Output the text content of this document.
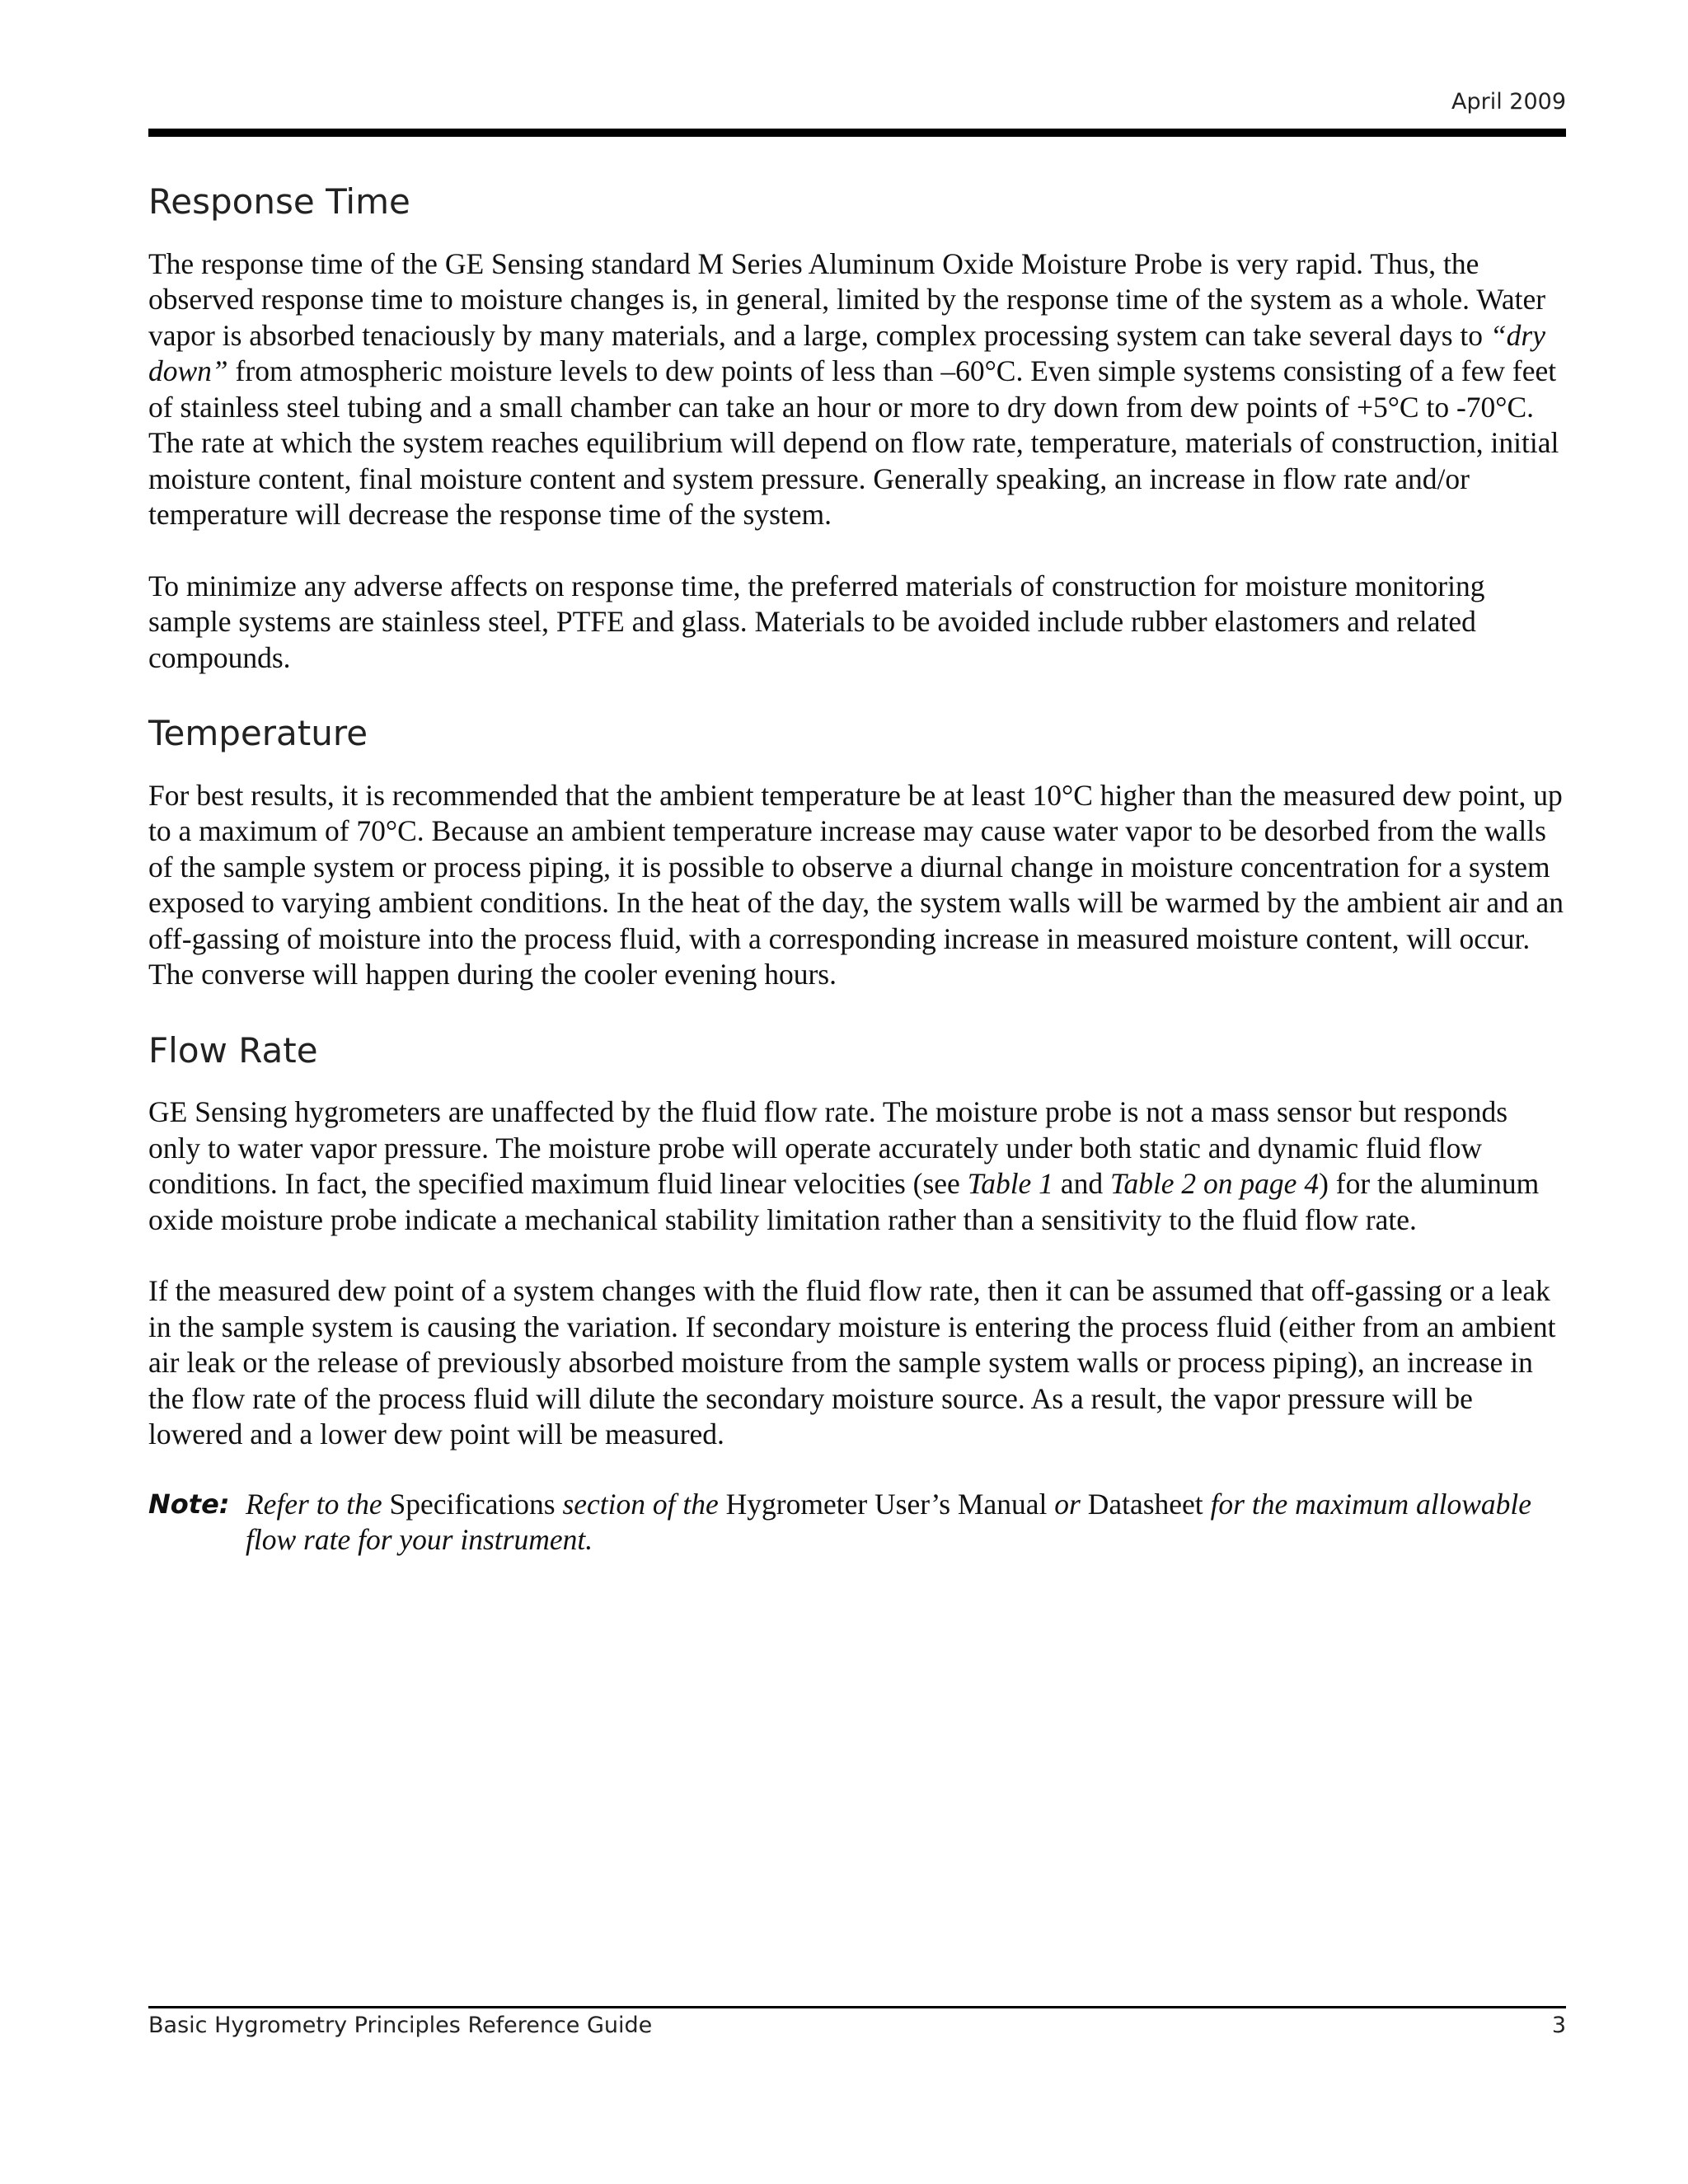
April 2009
Response Time

The response time of the GE Sensing standard M Series Aluminum Oxide Moisture Probe is very rapid. Thus, the observed response time to moisture changes is, in general, limited by the response time of the system as a whole. Water vapor is absorbed tenaciously by many materials, and a large, complex processing system can take several days to “dry down” from atmospheric moisture levels to dew points of less than –60°C. Even simple systems consisting of a few feet of stainless steel tubing and a small chamber can take an hour or more to dry down from dew points of +5°C to -70°C. The rate at which the system reaches equilibrium will depend on flow rate, temperature, materials of construction, initial moisture content, final moisture content and system pressure. Generally speaking, an increase in flow rate and/or temperature will decrease the response time of the system.

To minimize any adverse affects on response time, the preferred materials of construction for moisture monitoring sample systems are stainless steel, PTFE and glass. Materials to be avoided include rubber elastomers and related compounds.

Temperature

For best results, it is recommended that the ambient temperature be at least 10°C higher than the measured dew point, up to a maximum of 70°C. Because an ambient temperature increase may cause water vapor to be desorbed from the walls of the sample system or process piping, it is possible to observe a diurnal change in moisture concentration for a system exposed to varying ambient conditions. In the heat of the day, the system walls will be warmed by the ambient air and an off-gassing of moisture into the process fluid, with a corresponding increase in measured moisture content, will occur. The converse will happen during the cooler evening hours.

Flow Rate

GE Sensing hygrometers are unaffected by the fluid flow rate. The moisture probe is not a mass sensor but responds only to water vapor pressure. The moisture probe will operate accurately under both static and dynamic fluid flow conditions. In fact, the specified maximum fluid linear velocities (see Table 1 and Table 2 on page 4) for the aluminum oxide moisture probe indicate a mechanical stability limitation rather than a sensitivity to the fluid flow rate.

If the measured dew point of a system changes with the fluid flow rate, then it can be assumed that off-gassing or a leak in the sample system is causing the variation. If secondary moisture is entering the process fluid (either from an ambient air leak or the release of previously absorbed moisture from the sample system walls or process piping), an increase in the flow rate of the process fluid will dilute the secondary moisture source. As a result, the vapor pressure will be lowered and a lower dew point will be measured.

Note: Refer to the Specifications section of the Hygrometer User’s Manual or Datasheet for the maximum allowable flow rate for your instrument.
Basic Hygrometry Principles Reference Guide	3
